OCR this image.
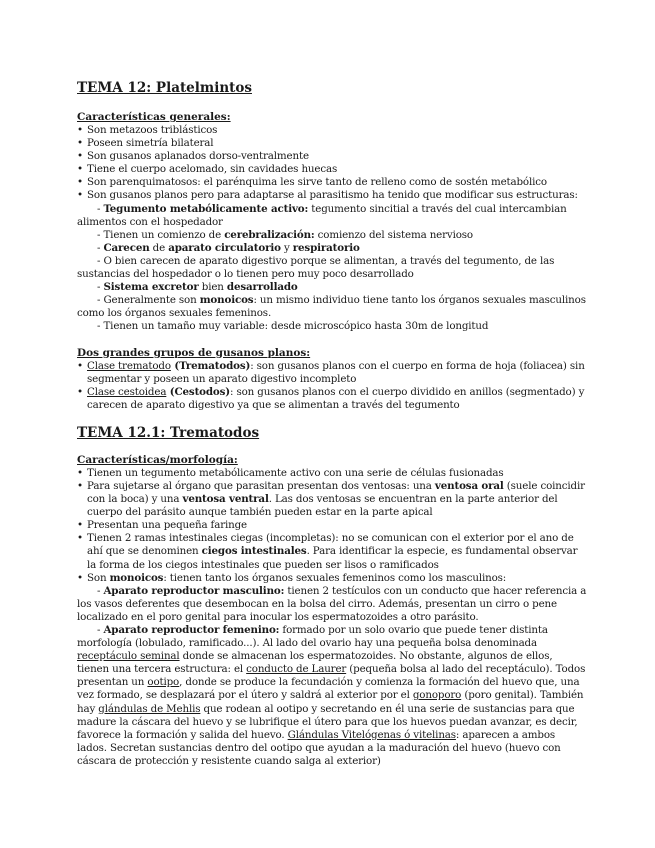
TEMA 12: Platelmintos
Características generales:
• Son metazoos triblásticos
• Poseen simetría bilateral
• Son gusanos aplanados dorso-ventralmente
• Tiene el cuerpo acelomado, sin cavidades huecas
• Son parenquimatosos: el parénquima les sirve tanto de relleno como de sostén metabólico
• Son gusanos planos pero para adaptarse al parasitismo ha tenido que modificar sus estructuras:
- Tegumento metabólicamente activo: tegumento sincitial a través del cual intercambian alimentos con el hospedador
- Tienen un comienzo de cerebralización: comienzo del sistema nervioso
- Carecen de aparato circulatorio y respiratorio
- O bien carecen de aparato digestivo porque se alimentan, a través del tegumento, de las sustancias del hospedador o lo tienen pero muy poco desarrollado
- Sistema excretor bien desarrollado
- Generalmente son monoicos: un mismo individuo tiene tanto los órganos sexuales masculinos como los órganos sexuales femeninos.
- Tienen un tamaño muy variable: desde microscópico hasta 30m de longitud
Dos grandes grupos de gusanos planos:
• Clase trematodo (Trematodos): son gusanos planos con el cuerpo en forma de hoja (foliacea) sin segmentar y poseen un aparato digestivo incompleto
• Clase cestoidea (Cestodos): son gusanos planos con el cuerpo dividido en anillos (segmentado) y carecen de aparato digestivo ya que se alimentan a través del tegumento
TEMA 12.1: Trematodos
Características/morfología:
• Tienen un tegumento metabólicamente activo con una serie de células fusionadas
• Para sujetarse al órgano que parasitan presentan dos ventosas: una ventosa oral (suele coincidir con la boca) y una ventosa ventral. Las dos ventosas se encuentran en la parte anterior del cuerpo del parásito aunque también pueden estar en la parte apical
• Presentan una pequeña faringe
• Tienen 2 ramas intestinales ciegas (incompletas): no se comunican con el exterior por el ano de ahí que se denominen ciegos intestinales. Para identificar la especie, es fundamental observar la forma de los ciegos intestinales que pueden ser lisos o ramificados
• Son monoicos: tienen tanto los órganos sexuales femeninos como los masculinos:
- Aparato reproductor masculino: tienen 2 testículos con un conducto que hacer referencia a los vasos deferentes que desembocan en la bolsa del cirro. Además, presentan un cirro o pene localizado en el poro genital para inocular los espermatozoides a otro parásito.
- Aparato reproductor femenino: formado por un solo ovario que puede tener distinta morfología (lobulado, ramificado...). Al lado del ovario hay una pequeña bolsa denominada receptáculo seminal donde se almacenan los espermatozoides. No obstante, algunos de ellos, tienen una tercera estructura: el conducto de Laurer (pequeña bolsa al lado del receptáculo). Todos presentan un ootipo, donde se produce la fecundación y comienza la formación del huevo que, una vez formado, se desplazará por el útero y saldrá al exterior por el gonoporo (poro genital). También hay glándulas de Mehlis que rodean al ootipo y secretando en él una serie de sustancias para que madure la cáscara del huevo y se lubrifique el útero para que los huevos puedan avanzar, es decir, favorece la formación y salida del huevo. Glándulas Vitelógenas ó vitelinas: aparecen a ambos lados. Secretan sustancias dentro del ootipo que ayudan a la maduración del huevo (huevo con cáscara de protección y resistente cuando salga al exterior)
